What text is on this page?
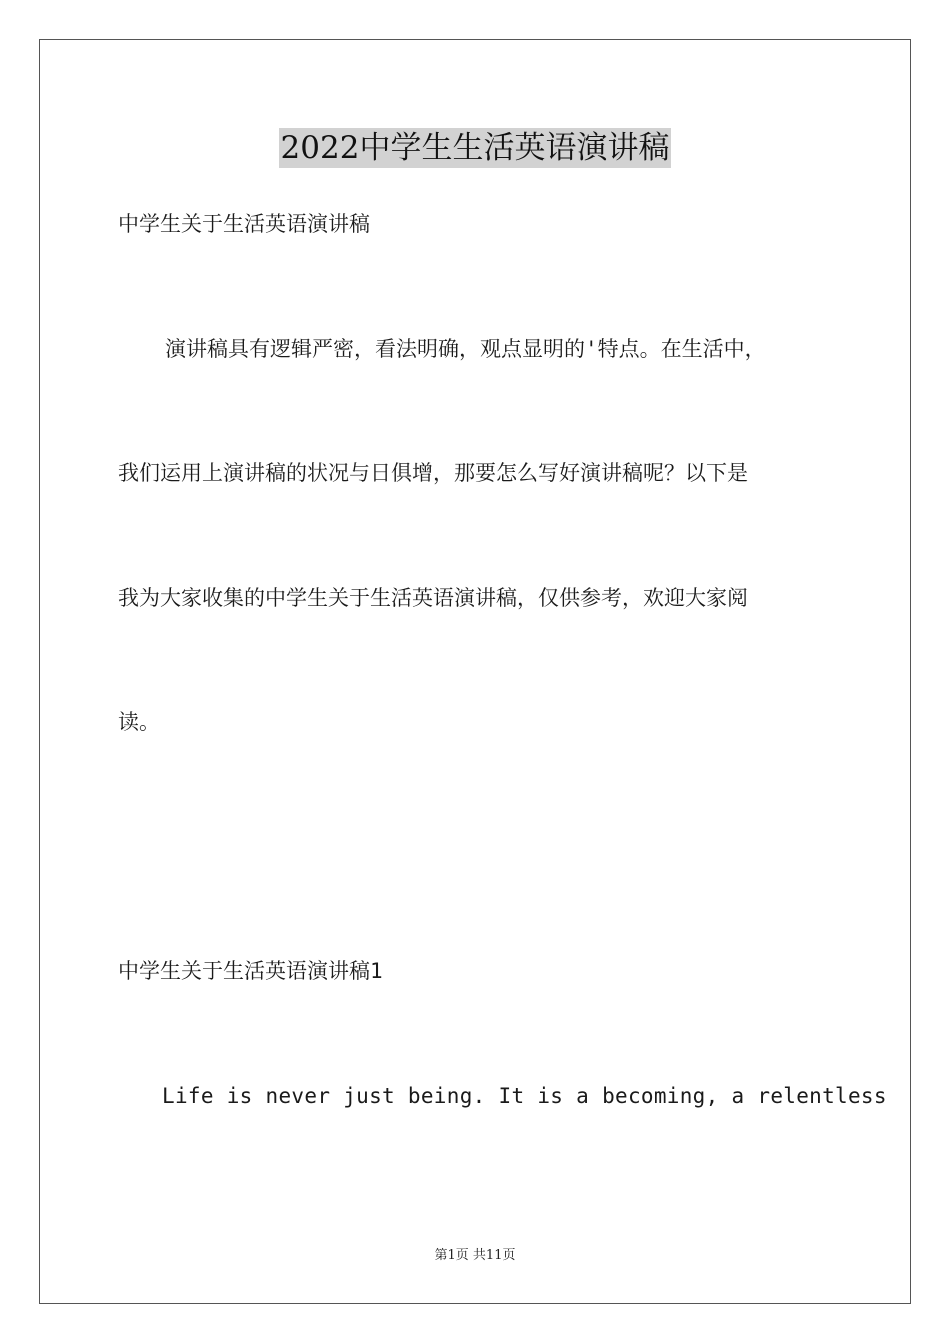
2022中学生生活英语演讲稿
中学生关于生活英语演讲稿
演讲稿具有逻辑严密，看法明确，观点显明的'特点。在生活中，
我们运用上演讲稿的状况与日俱增，那要怎么写好演讲稿呢？以下是
我为大家收集的中学生关于生活英语演讲稿，仅供参考，欢迎大家阅
读。
中学生关于生活英语演讲稿1
Life is never just being. It is a becoming, a relentless
第1页 共11页
